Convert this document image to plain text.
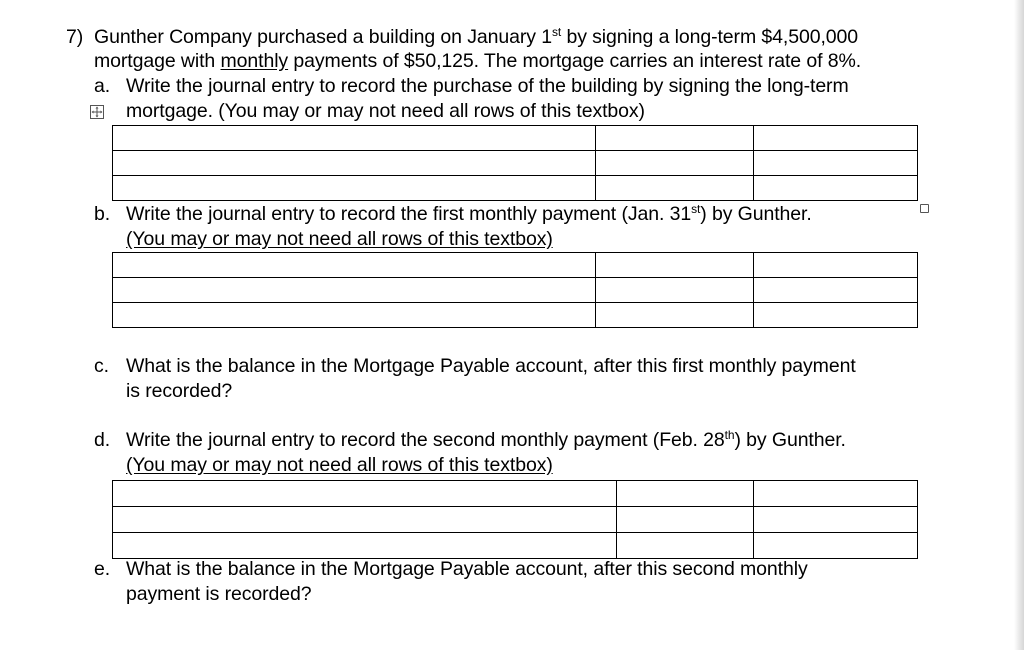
7) Gunther Company purchased a building on January 1st by signing a long-term $4,500,000
mortgage with monthly payments of $50,125. The mortgage carries an interest rate of 8%.
a. Write the journal entry to record the purchase of the building by signing the long-term
mortgage. (You may or may not need all rows of this textbox)

b. Write the journal entry to record the first monthly payment (Jan. 31st) by Gunther.
(You may or may not need all rows of this textbox)

c. What is the balance in the Mortgage Payable account, after this first monthly payment
is recorded?
d. Write the journal entry to record the second monthly payment (Feb. 28th) by Gunther.
(You may or may not need all rows of this textbox)

e. What is the balance in the Mortgage Payable account, after this second monthly
payment is recorded?
